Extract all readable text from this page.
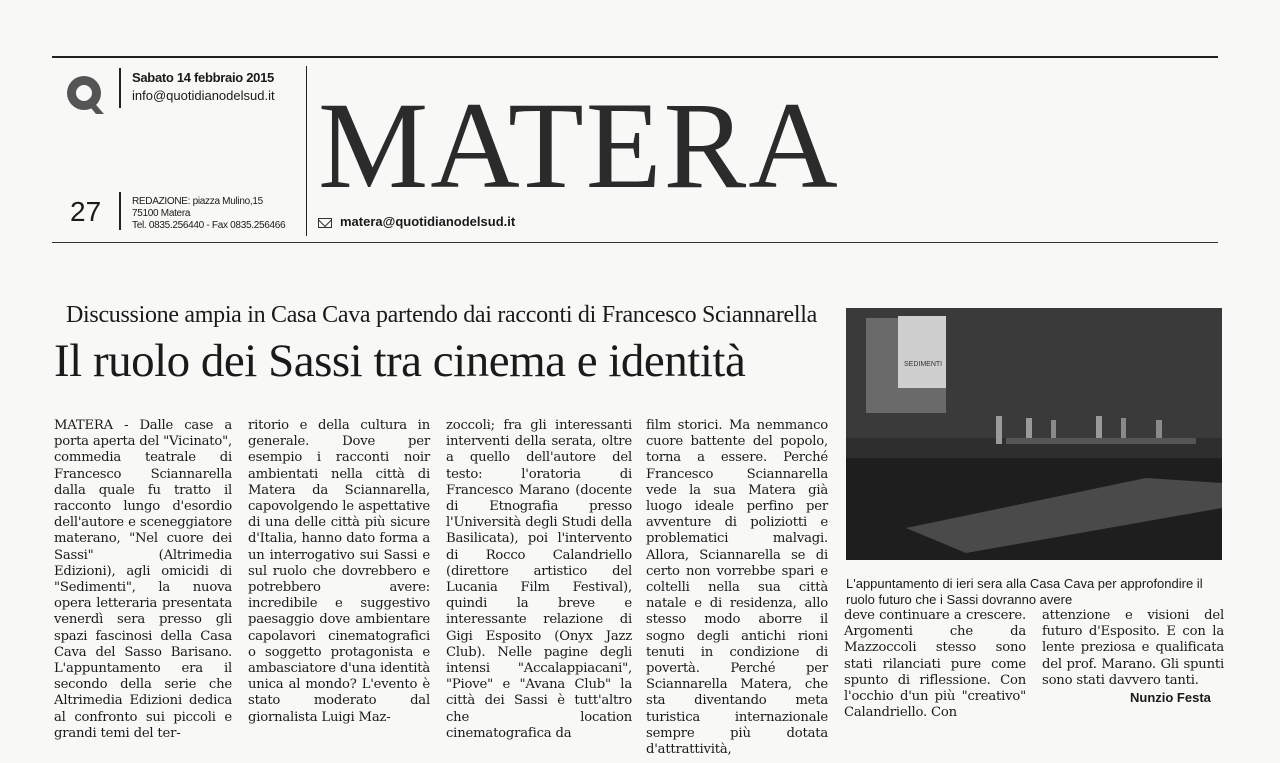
Sabato 14 febbraio 2015
info@quotidianodelsud.it
27	REDAZIONE: piazza Mulino,15
75100 Matera
Tel. 0835.256440 - Fax 0835.256466
MATERA
matera@quotidianodelsud.it
Discussione ampia in Casa Cava partendo dai racconti di Francesco Sciannarella
Il ruolo dei Sassi tra cinema e identità

MATERA - Dalle case a porta aperta del "Vicinato", commedia teatrale di Francesco Sciannarella dalla quale fu tratto il racconto lungo d'esordio dell'autore e sceneggiatore materano, "Nel cuore dei Sassi" (Altrimedia Edizioni), agli omicidi di "Sedimenti", la nuova opera letteraria presentata venerdì sera presso gli spazi fascinosi della Casa Cava del Sasso Barisano. L'appuntamento era il secondo della serie che Altrimedia Edizioni dedica al confronto sui piccoli e grandi temi del ter-

ritorio e della cultura in generale. Dove per esempio i racconti noir ambientati nella città di Matera da Sciannarella, capovolgendo le aspettative di una delle città più sicure d'Italia, hanno dato forma a un interrogativo sui Sassi e sul ruolo che dovrebbero e potrebbero avere: incredibile e suggestivo paesaggio dove ambientare capolavori cinematografici o soggetto protagonista e ambasciatore d'una identità unica al mondo? L'evento è stato moderato dal giornalista Luigi Maz-

zoccoli; fra gli interessanti interventi della serata, oltre a quello dell'autore del testo: l'oratoria di Francesco Marano (docente di Etnografia presso l'Università degli Studi della Basilicata), poi l'intervento di Rocco Calandriello (direttore artistico del Lucania Film Festival), quindi la breve e interessante relazione di Gigi Esposito (Onyx Jazz Club). Nelle pagine degli intensi "Accalappiacani", "Piove" e "Avana Club" la città dei Sassi è tutt'altro che location cinematografica da

film storici. Ma nemmanco cuore battente del popolo, torna a essere. Perché Francesco Sciannarella vede la sua Matera già luogo ideale perfino per avventure di poliziotti e problematici malvagi. Allora, Sciannarella se di certo non vorrebbe spari e coltelli nella sua città natale e di residenza, allo stesso modo aborre il sogno degli antichi rioni tenuti in condizione di povertà. Perché per Sciannarella Matera, che sta diventando meta turistica internazionale sempre più dotata d'attrattività,

SEDIMENTI
L'appuntamento di ieri sera alla Casa Cava per approfondire il ruolo futuro che i Sassi dovranno avere

deve continuare a crescere. Argomenti che da Mazzoccoli stesso sono stati rilanciati pure come spunto di riflessione. Con l'occhio d'un più "creativo" Calandriello. Con

attenzione e visioni del futuro d'Esposito. E con la lente preziosa e qualificata del prof. Marano. Gli spunti sono stati davvero tanti.

Nunzio Festa
